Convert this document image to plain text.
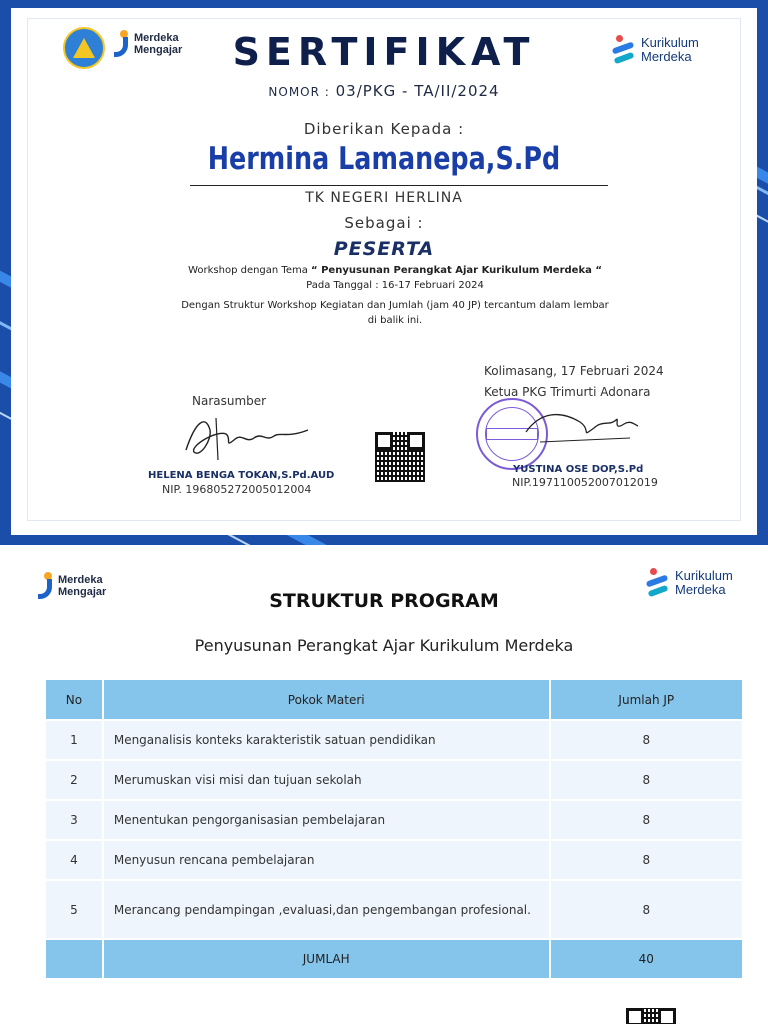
Merdeka
Mengajar	Kurikulum
Merdeka
SERTIFIKAT
NOMOR : 03/PKG - TA/II/2024
Diberikan Kepada :
Hermina Lamanepa,S.Pd
TK NEGERI HERLINA
Sebagai :
PESERTA
Workshop dengan Tema “ Penyusunan Perangkat Ajar Kurikulum Merdeka “
Pada Tanggal : 16-17 Februari 2024
Dengan Struktur Workshop Kegiatan dan Jumlah (jam 40 JP) tercantum dalam lembar
di balik ini.
Kolimasang, 17 Februari 2024
Ketua PKG Trimurti Adonara
Narasumber
HELENA BENGA TOKAN,S.Pd.AUD
NIP. 196805272005012004
YUSTINA OSE DOP,S.Pd
NIP.197110052007012019
Merdeka
Mengajar
Kurikulum
Merdeka
STRUKTUR PROGRAM
Penyusunan Perangkat Ajar Kurikulum Merdeka
No	Pokok Materi	Jumlah JP
1	Menganalisis konteks karakteristik satuan pendidikan	8
2	Merumuskan visi misi dan tujuan sekolah	8
3	Menentukan pengorganisasian pembelajaran	8
4	Menyusun rencana pembelajaran	8
5	Merancang pendampingan ,evaluasi,dan pengembangan profesional.	8
	JUMLAH	40
